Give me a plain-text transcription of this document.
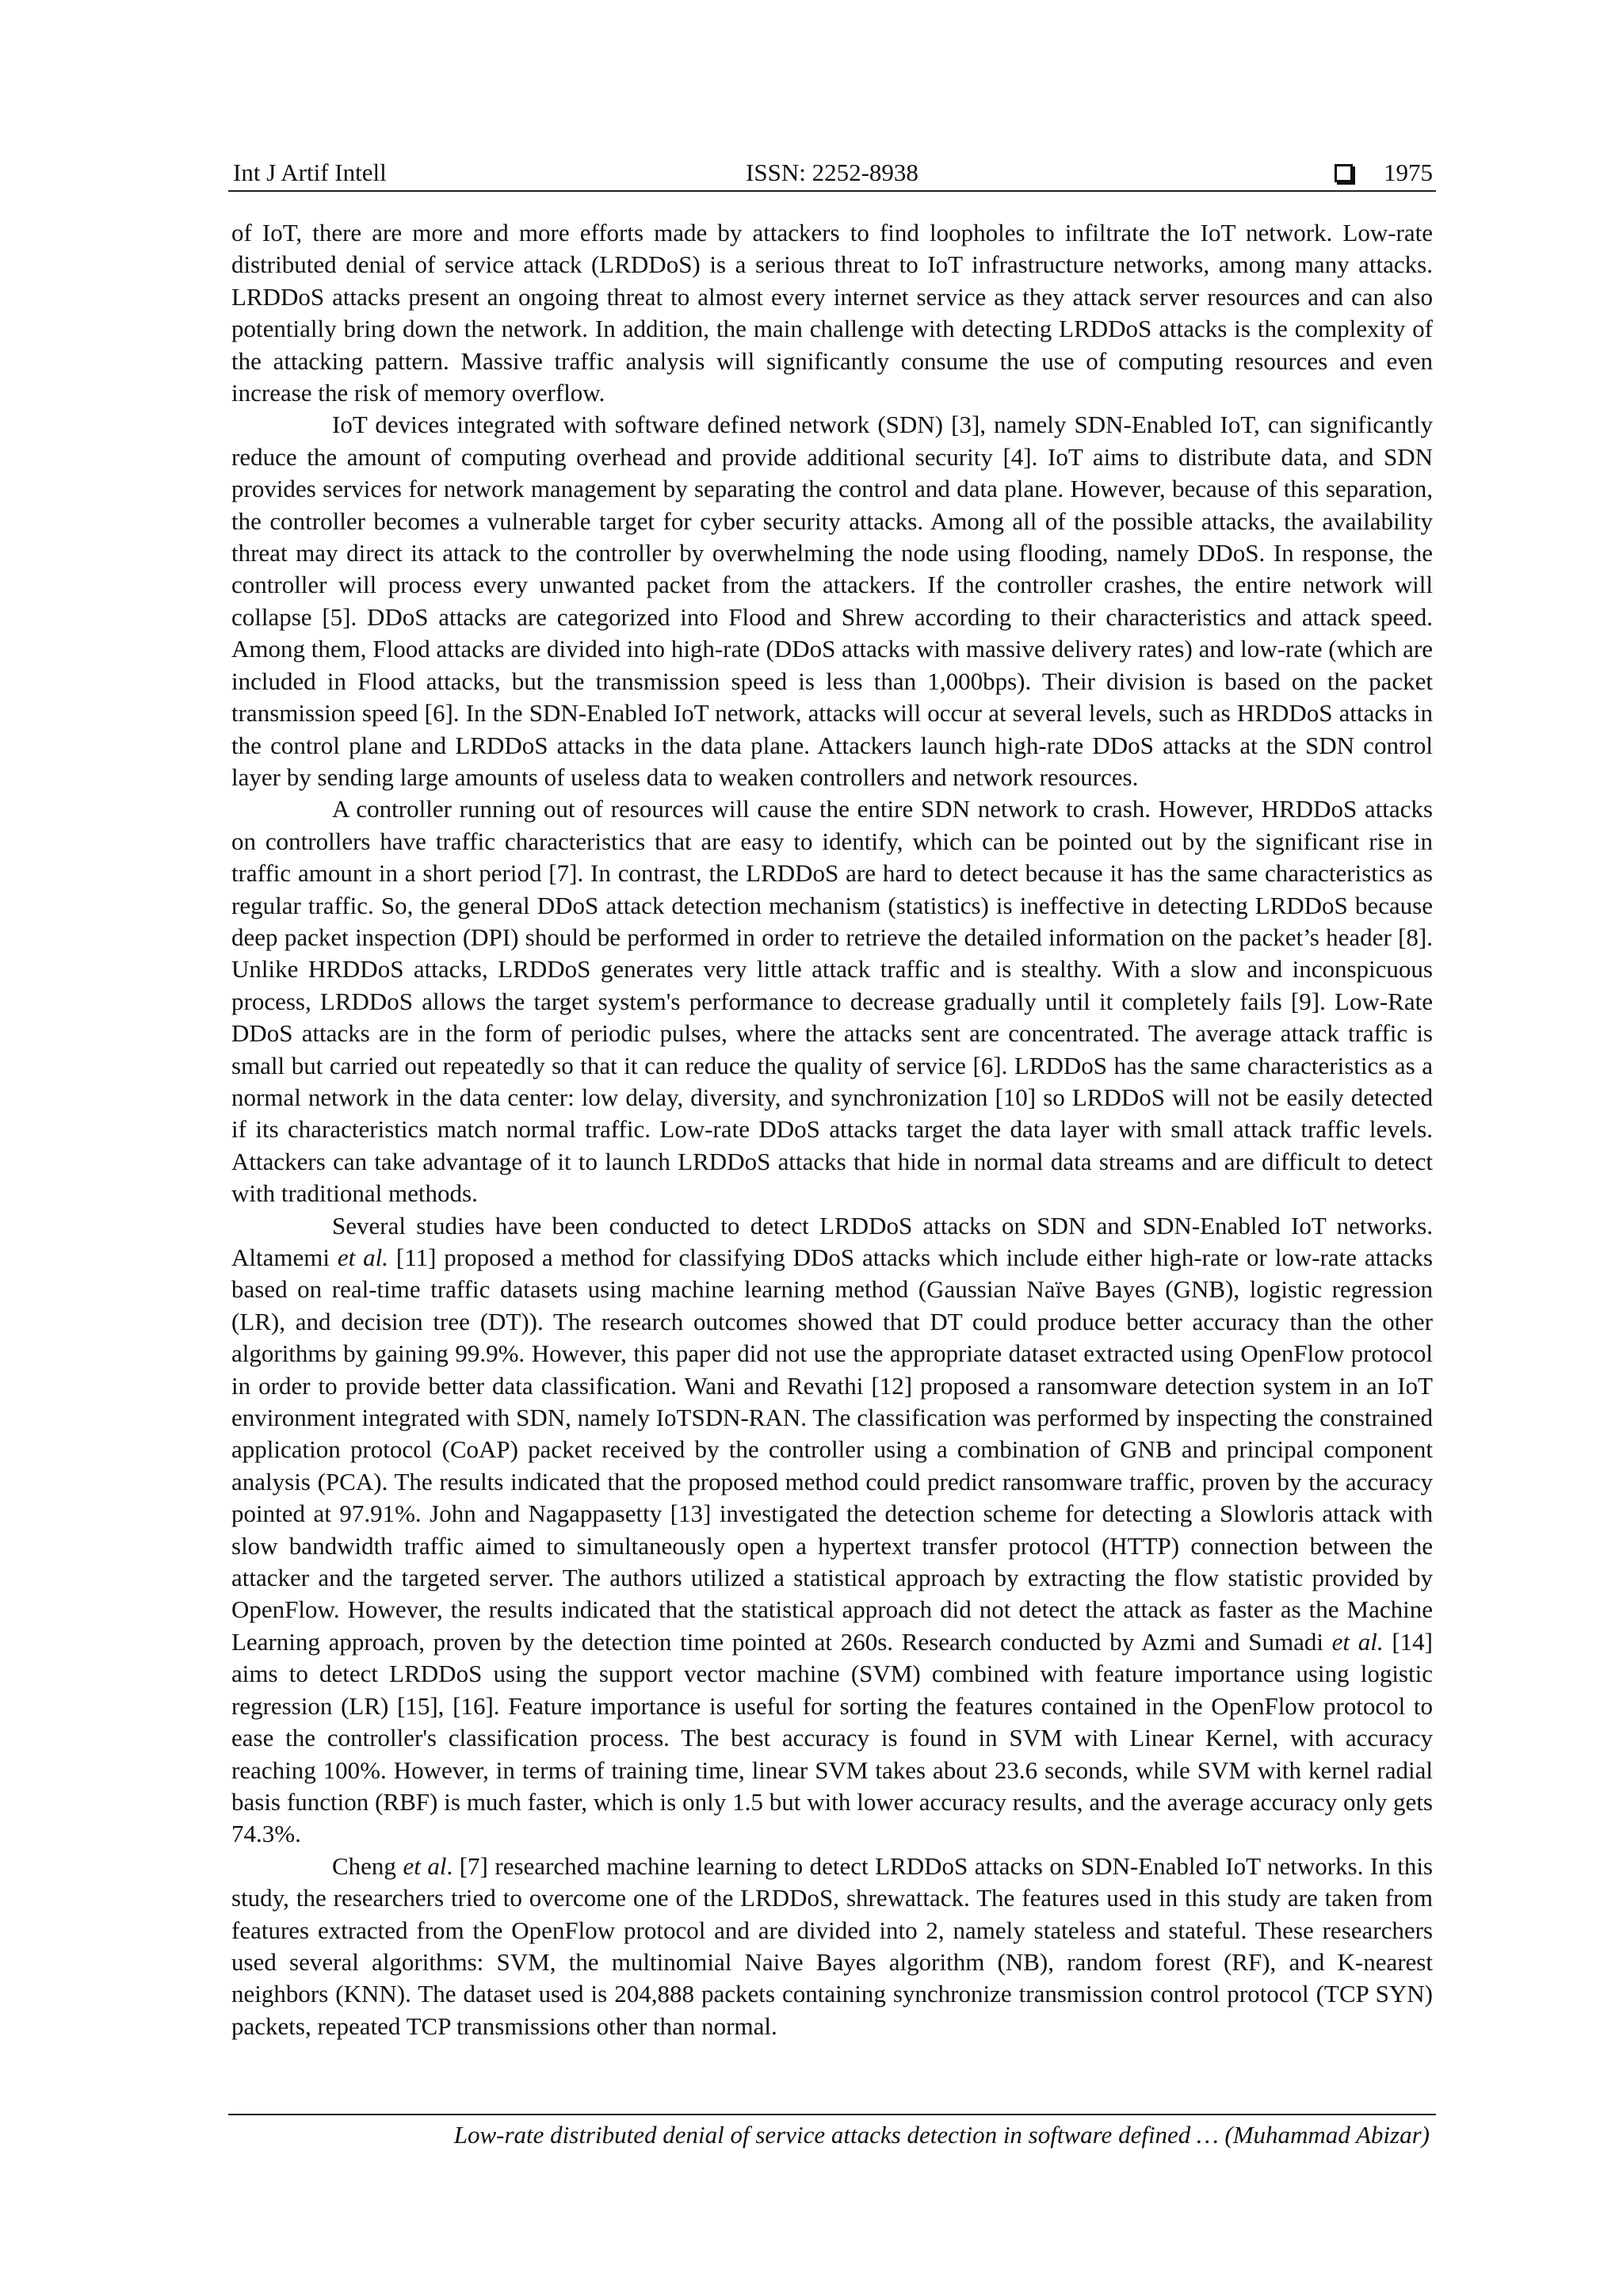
Int J Artif Intell	ISSN: 2252-8938	1975

of IoT, there are more and more efforts made by attackers to find loopholes to infiltrate the IoT network. Low-rate distributed denial of service attack (LRDDoS) is a serious threat to IoT infrastructure networks, among many attacks. LRDDoS attacks present an ongoing threat to almost every internet service as they attack server resources and can also potentially bring down the network. In addition, the main challenge with detecting LRDDoS attacks is the complexity of the attacking pattern. Massive traffic analysis will significantly consume the use of computing resources and even increase the risk of memory overflow.

IoT devices integrated with software defined network (SDN) [3], namely SDN-Enabled IoT, can significantly reduce the amount of computing overhead and provide additional security [4]. IoT aims to distribute data, and SDN provides services for network management by separating the control and data plane. However, because of this separation, the controller becomes a vulnerable target for cyber security attacks. Among all of the possible attacks, the availability threat may direct its attack to the controller by overwhelming the node using flooding, namely DDoS. In response, the controller will process every unwanted packet from the attackers. If the controller crashes, the entire network will collapse [5]. DDoS attacks are categorized into Flood and Shrew according to their characteristics and attack speed. Among them, Flood attacks are divided into high-rate (DDoS attacks with massive delivery rates) and low-rate (which are included in Flood attacks, but the transmission speed is less than 1,000bps). Their division is based on the packet transmission speed [6]. In the SDN-Enabled IoT network, attacks will occur at several levels, such as HRDDoS attacks in the control plane and LRDDoS attacks in the data plane. Attackers launch high-rate DDoS attacks at the SDN control layer by sending large amounts of useless data to weaken controllers and network resources.

A controller running out of resources will cause the entire SDN network to crash. However, HRDDoS attacks on controllers have traffic characteristics that are easy to identify, which can be pointed out by the significant rise in traffic amount in a short period [7]. In contrast, the LRDDoS are hard to detect because it has the same characteristics as regular traffic. So, the general DDoS attack detection mechanism (statistics) is ineffective in detecting LRDDoS because deep packet inspection (DPI) should be performed in order to retrieve the detailed information on the packet’s header [8]. Unlike HRDDoS attacks, LRDDoS generates very little attack traffic and is stealthy. With a slow and inconspicuous process, LRDDoS allows the target system's performance to decrease gradually until it completely fails [9]. Low-Rate DDoS attacks are in the form of periodic pulses, where the attacks sent are concentrated. The average attack traffic is small but carried out repeatedly so that it can reduce the quality of service [6]. LRDDoS has the same characteristics as a normal network in the data center: low delay, diversity, and synchronization [10] so LRDDoS will not be easily detected if its characteristics match normal traffic. Low-rate DDoS attacks target the data layer with small attack traffic levels. Attackers can take advantage of it to launch LRDDoS attacks that hide in normal data streams and are difficult to detect with traditional methods.

Several studies have been conducted to detect LRDDoS attacks on SDN and SDN-Enabled IoT networks. Altamemi et al. [11] proposed a method for classifying DDoS attacks which include either high-rate or low-rate attacks based on real-time traffic datasets using machine learning method (Gaussian Naïve Bayes (GNB), logistic regression (LR), and decision tree (DT)). The research outcomes showed that DT could produce better accuracy than the other algorithms by gaining 99.9%. However, this paper did not use the appropriate dataset extracted using OpenFlow protocol in order to provide better data classification. Wani and Revathi [12] proposed a ransomware detection system in an IoT environment integrated with SDN, namely IoTSDN-RAN. The classification was performed by inspecting the constrained application protocol (CoAP) packet received by the controller using a combination of GNB and principal component analysis (PCA). The results indicated that the proposed method could predict ransomware traffic, proven by the accuracy pointed at 97.91%. John and Nagappasetty [13] investigated the detection scheme for detecting a Slowloris attack with slow bandwidth traffic aimed to simultaneously open a hypertext transfer protocol (HTTP) connection between the attacker and the targeted server. The authors utilized a statistical approach by extracting the flow statistic provided by OpenFlow. However, the results indicated that the statistical approach did not detect the attack as faster as the Machine Learning approach, proven by the detection time pointed at 260s. Research conducted by Azmi and Sumadi et al. [14] aims to detect LRDDoS using the support vector machine (SVM) combined with feature importance using logistic regression (LR) [15], [16]. Feature importance is useful for sorting the features contained in the OpenFlow protocol to ease the controller's classification process. The best accuracy is found in SVM with Linear Kernel, with accuracy reaching 100%. However, in terms of training time, linear SVM takes about 23.6 seconds, while SVM with kernel radial basis function (RBF) is much faster, which is only 1.5 but with lower accuracy results, and the average accuracy only gets 74.3%.

Cheng et al. [7] researched machine learning to detect LRDDoS attacks on SDN-Enabled IoT networks. In this study, the researchers tried to overcome one of the LRDDoS, shrewattack. The features used in this study are taken from features extracted from the OpenFlow protocol and are divided into 2, namely stateless and stateful. These researchers used several algorithms: SVM, the multinomial Naive Bayes algorithm (NB), random forest (RF), and K-nearest neighbors (KNN). The dataset used is 204,888 packets containing synchronize transmission control protocol (TCP SYN) packets, repeated TCP transmissions other than normal.

Low-rate distributed denial of service attacks detection in software defined … (Muhammad Abizar)
